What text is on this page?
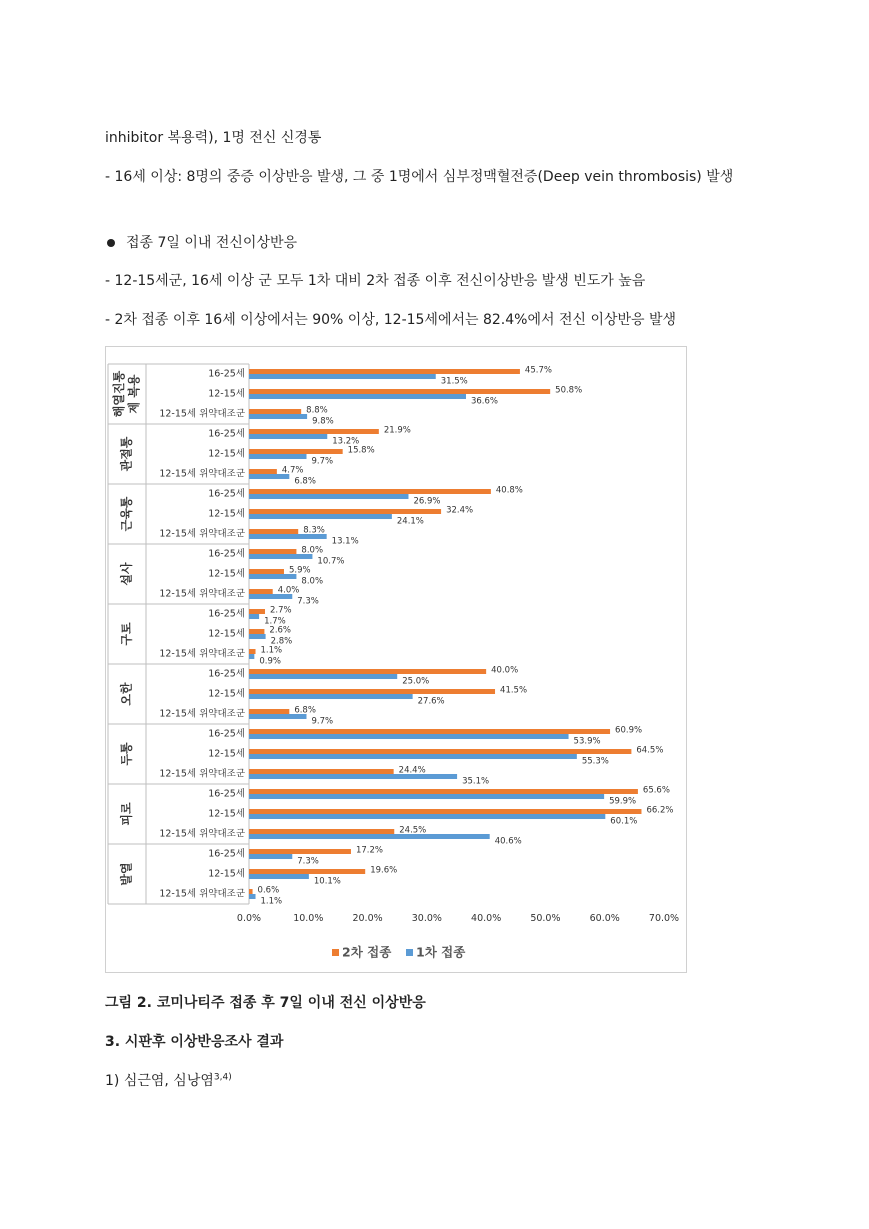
inhibitor 복용력), 1명 전신 신경통
- 16세 이상: 8명의 중증 이상반응 발생, 그 중 1명에서 심부정맥혈전증(Deep vein thrombosis) 발생
접종 7일 이내 전신이상반응
- 12-15세군, 16세 이상 군 모두 1차 대비 2차 접종 이후 전신이상반응 발생 빈도가 높음
- 2차 접종 이후 16세 이상에서는 90% 이상, 12-15세에서는 82.4%에서 전신 이상반응 발생
해열진통 제 복용
16-25세	45.7%
31.5%
12-15세	50.8%
36.6%
12-15세 위약대조군	8.8%
9.8%
관절통
16-25세	21.9%
13.2%
12-15세	15.8%
9.7%
12-15세 위약대조군	4.7%
6.8%
근육통
16-25세	40.8%
26.9%
12-15세	32.4%
24.1%
12-15세 위약대조군	8.3%
13.1%
설사
16-25세	8.0%
10.7%
12-15세	5.9%
8.0%
12-15세 위약대조군	4.0%
7.3%
구토
16-25세	2.7%
1.7%
12-15세	2.6%
2.8%
12-15세 위약대조군 1.1%
0.9%
오한
16-25세	40.0%
25.0%
12-15세	41.5%
27.6%
12-15세 위약대조군	6.8%
9.7%
두통
16-25세	60.9%
53.9%
12-15세	64.5%
55.3%
12-15세 위약대조군	24.4%
35.1%
피로
16-25세	65.6%
59.9%
12-15세	66.2%
60.1%
12-15세 위약대조군	24.5%
40.6%
발열
16-25세	17.2%
7.3%
12-15세	19.6%
10.1%
12-15세 위약대조군 0.6%
1.1%
0.0%	10.0%	20.0%	30.0%	40.0%	50.0%	60.0%	70.0%
2차 접종 1차 접종
그림 2. 코미나티주 접종 후 7일 이내 전신 이상반응
3. 시판후 이상반응조사 결과
1) 심근염, 심낭염$^{3,4)}$
